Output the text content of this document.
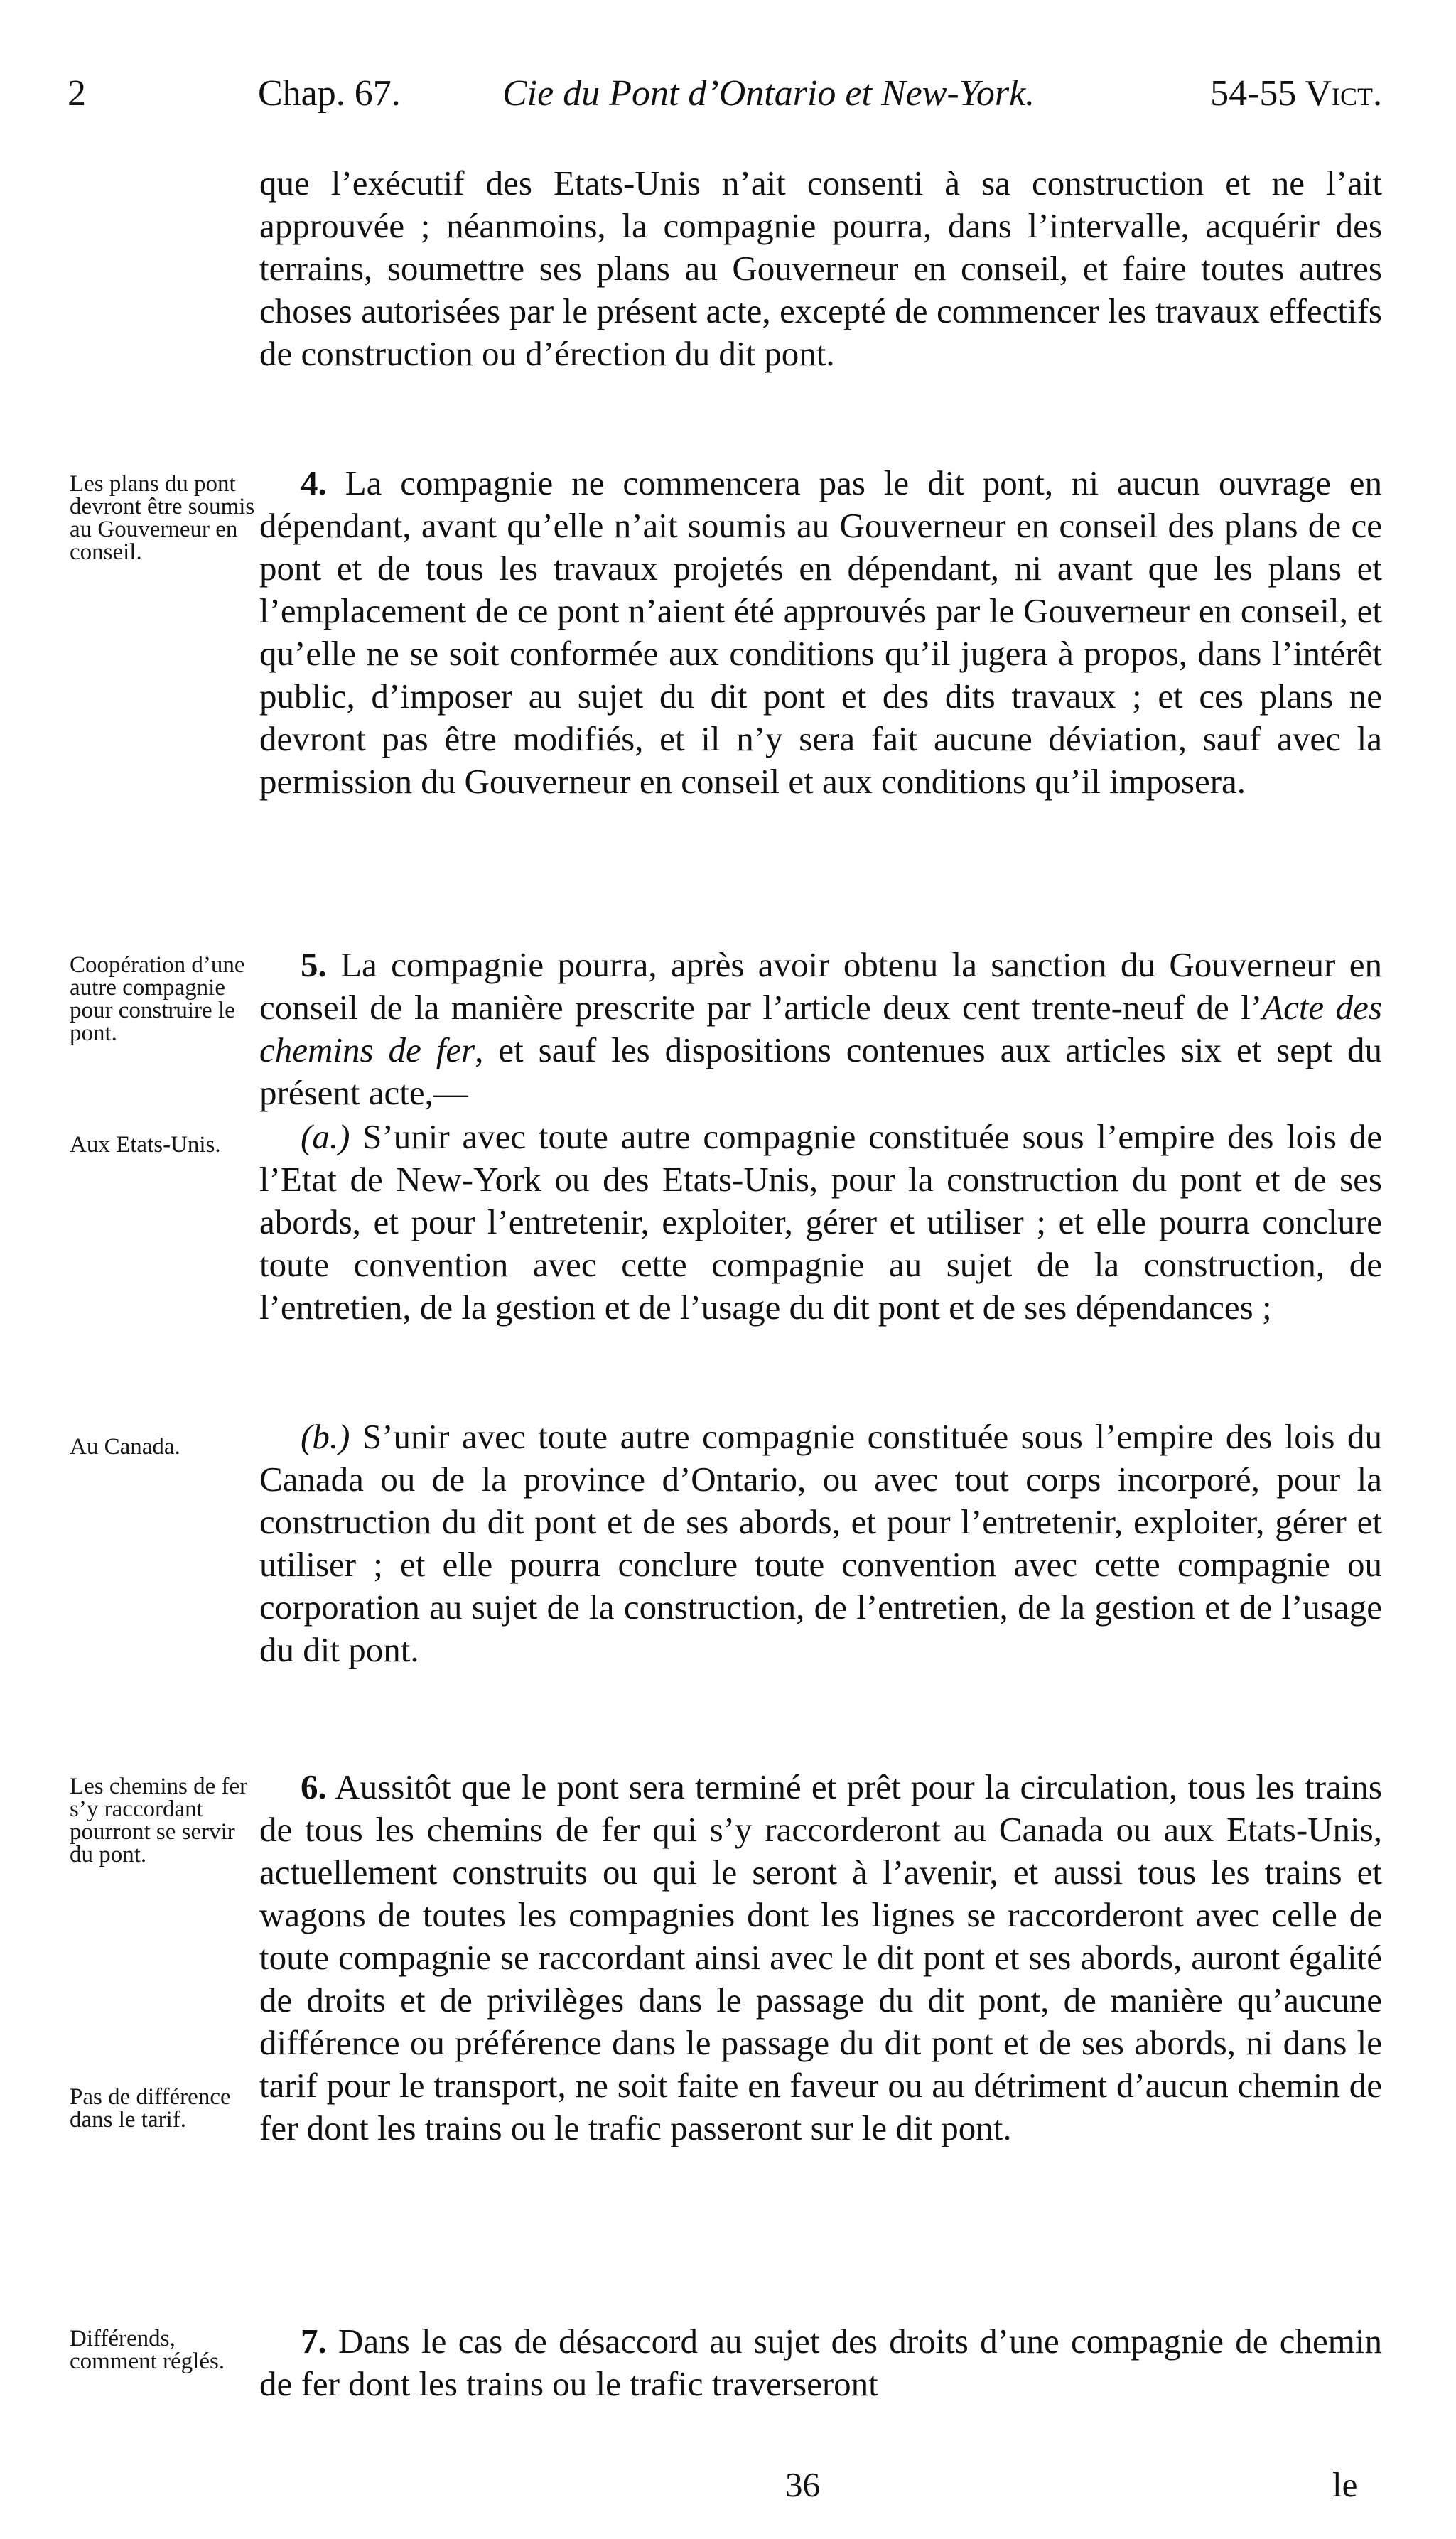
2	Chap. 67.	Cie du Pont d’Ontario et New-York.	54-55 Vict.

que l’exécutif des Etats-Unis n’ait consenti à sa construction et ne l’ait approuvée ; néanmoins, la compagnie pourra, dans l’intervalle, acquérir des terrains, soumettre ses plans au Gouverneur en conseil, et faire toutes autres choses autorisées par le présent acte, excepté de commencer les travaux effectifs de construction ou d’érection du dit pont.

Les plans du pont devront être soumis au Gouverneur en conseil.

4. La compagnie ne commencera pas le dit pont, ni aucun ouvrage en dépendant, avant qu’elle n’ait soumis au Gouverneur en conseil des plans de ce pont et de tous les travaux projetés en dépendant, ni avant que les plans et l’emplacement de ce pont n’aient été approuvés par le Gouverneur en conseil, et qu’elle ne se soit conformée aux conditions qu’il jugera à propos, dans l’intérêt public, d’imposer au sujet du dit pont et des dits travaux ; et ces plans ne devront pas être modifiés, et il n’y sera fait aucune déviation, sauf avec la permission du Gouverneur en conseil et aux conditions qu’il imposera.

Coopération d’une autre compagnie pour construire le pont.

5. La compagnie pourra, après avoir obtenu la sanction du Gouverneur en conseil de la manière prescrite par l’article deux cent trente-neuf de l’Acte des chemins de fer, et sauf les dispositions contenues aux articles six et sept du présent acte,—

Aux Etats-Unis.	(a.) S’unir avec toute autre compagnie constituée sous l’empire des lois de l’Etat de New-York ou des Etats-Unis, pour la construction du pont et de ses abords, et pour l’entretenir, exploiter, gérer et utiliser ; et elle pourra conclure toute convention avec cette compagnie au sujet de la construction, de l’entretien, de la gestion et de l’usage du dit pont et de ses dépendances ;

Au Canada.	(b.) S’unir avec toute autre compagnie constituée sous l’empire des lois du Canada ou de la province d’Ontario, ou avec tout corps incorporé, pour la construction du dit pont et de ses abords, et pour l’entretenir, exploiter, gérer et utiliser ; et elle pourra conclure toute convention avec cette compagnie ou corporation au sujet de la construction, de l’entretien, de la gestion et de l’usage du dit pont.

Les chemins de fer s’y raccordant pourront se servir du pont.

6. Aussitôt que le pont sera terminé et prêt pour la circulation, tous les trains de tous les chemins de fer qui s’y raccorderont au Canada ou aux Etats-Unis, actuellement construits ou qui le seront à l’avenir, et aussi tous les trains et wagons de toutes les compagnies dont les lignes se raccorderont avec celle de toute compagnie se raccordant ainsi avec le dit pont et ses abords, auront égalité de droits et de privilèges dans le passage du dit pont, de manière qu’aucune différence ou préférence dans le passage du dit pont et de ses abords, ni dans le tarif pour le transport, ne soit faite en faveur ou au détriment d’aucun chemin de fer dont les trains ou le trafic passeront sur le dit pont.

Pas de différence dans le tarif.
Différends, comment réglés.

7. Dans le cas de désaccord au sujet des droits d’une compagnie de chemin de fer dont les trains ou le trafic traverseront

36	le
